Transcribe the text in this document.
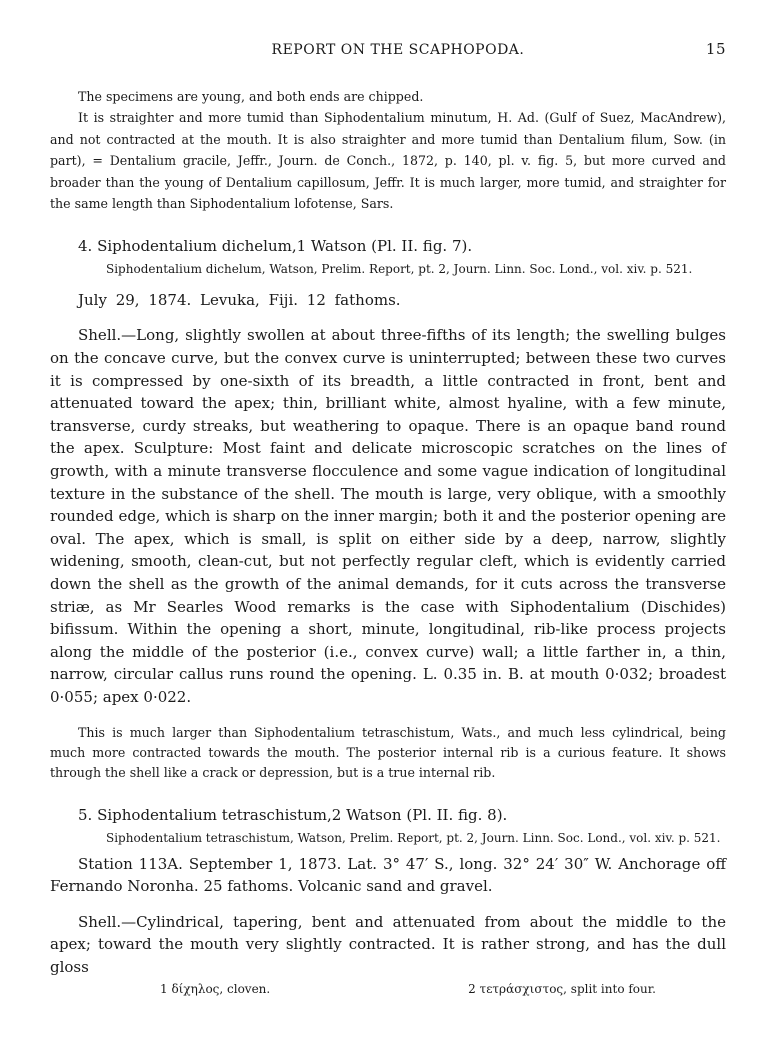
REPORT ON THE SCAPHOPODA.	15

The specimens are young, and both ends are chipped.

It is straighter and more tumid than Siphodentalium minutum, H. Ad. (Gulf of Suez, MacAndrew), and not contracted at the mouth. It is also straighter and more tumid than Dentalium filum, Sow. (in part), = Dentalium gracile, Jeffr., Journ. de Conch., 1872, p. 140, pl. v. fig. 5, but more curved and broader than the young of Dentalium capillosum, Jeffr. It is much larger, more tumid, and straighter for the same length than Siphodentalium lofotense, Sars.

4. Siphodentalium dichelum,1 Watson (Pl. II. fig. 7).
Siphodentalium dichelum, Watson, Prelim. Report, pt. 2, Journ. Linn. Soc. Lond., vol. xiv. p. 521.
July 29, 1874. Levuka, Fiji. 12 fathoms.

Shell.—Long, slightly swollen at about three-fifths of its length; the swelling bulges on the concave curve, but the convex curve is uninterrupted; between these two curves it is compressed by one-sixth of its breadth, a little contracted in front, bent and attenuated toward the apex; thin, brilliant white, almost hyaline, with a few minute, transverse, curdy streaks, but weathering to opaque. There is an opaque band round the apex. Sculpture: Most faint and delicate microscopic scratches on the lines of growth, with a minute transverse flocculence and some vague indication of longitudinal texture in the substance of the shell. The mouth is large, very oblique, with a smoothly rounded edge, which is sharp on the inner margin; both it and the posterior opening are oval. The apex, which is small, is split on either side by a deep, narrow, slightly widening, smooth, clean-cut, but not perfectly regular cleft, which is evidently carried down the shell as the growth of the animal demands, for it cuts across the transverse striæ, as Mr Searles Wood remarks is the case with Siphodentalium (Dischides) bifissum. Within the opening a short, minute, longitudinal, rib-like process projects along the middle of the posterior (i.e., convex curve) wall; a little farther in, a thin, narrow, circular callus runs round the opening. L. 0.35 in. B. at mouth 0·032; broadest 0·055; apex 0·022.

This is much larger than Siphodentalium tetraschistum, Wats., and much less cylindrical, being much more contracted towards the mouth. The posterior internal rib is a curious feature. It shows through the shell like a crack or depression, but is a true internal rib.

5. Siphodentalium tetraschistum,2 Watson (Pl. II. fig. 8).
Siphodentalium tetraschistum, Watson, Prelim. Report, pt. 2, Journ. Linn. Soc. Lond., vol. xiv. p. 521.

Station 113A. September 1, 1873. Lat. 3° 47′ S., long. 32° 24′ 30″ W. Anchorage off Fernando Noronha. 25 fathoms. Volcanic sand and gravel.

Shell.—Cylindrical, tapering, bent and attenuated from about the middle to the apex; toward the mouth very slightly contracted. It is rather strong, and has the dull gloss

1 δίχηλος, cloven.	2 τετράσχιστος, split into four.
